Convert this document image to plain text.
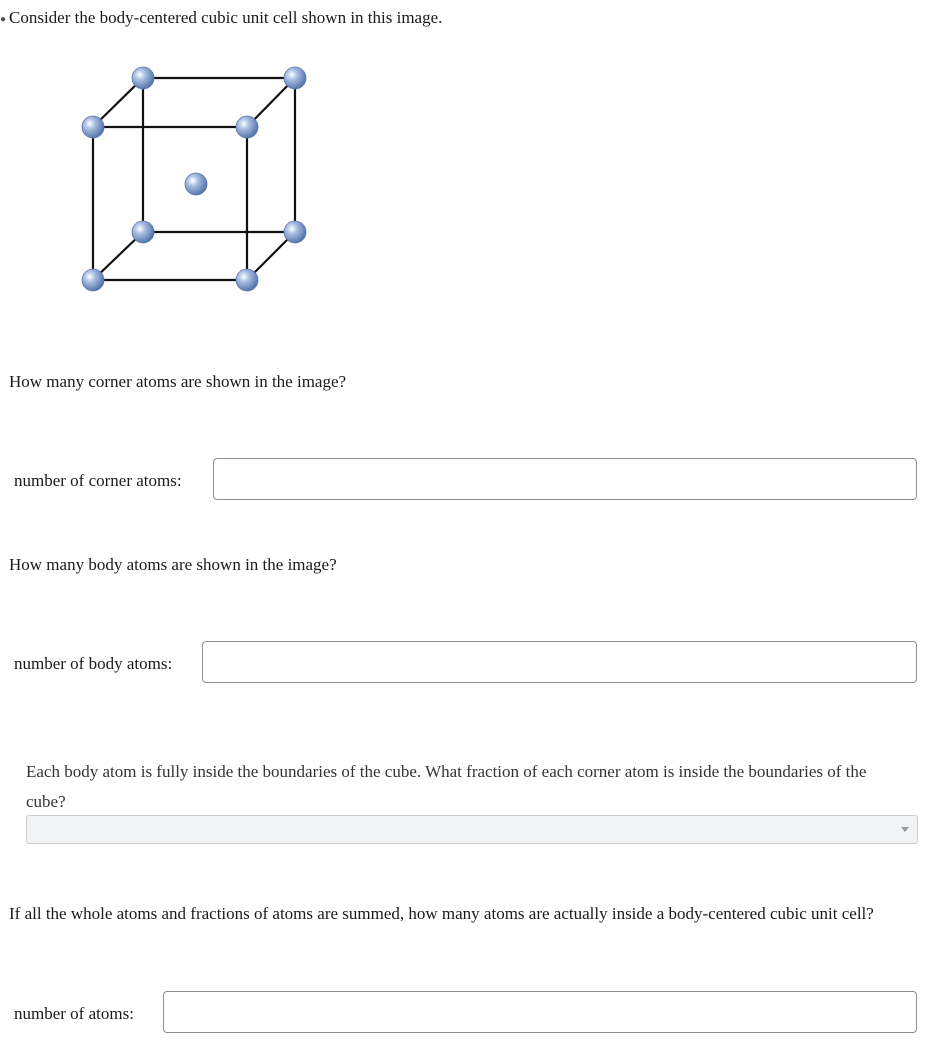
● Consider the body-centered cubic unit cell shown in this image.
How many corner atoms are shown in the image?
number of corner atoms:
How many body atoms are shown in the image?
number of body atoms:
Each body atom is fully inside the boundaries of the cube. What fraction of each corner atom is inside the boundaries of the cube?
If all the whole atoms and fractions of atoms are summed, how many atoms are actually inside a body-centered cubic unit cell?
number of atoms:
